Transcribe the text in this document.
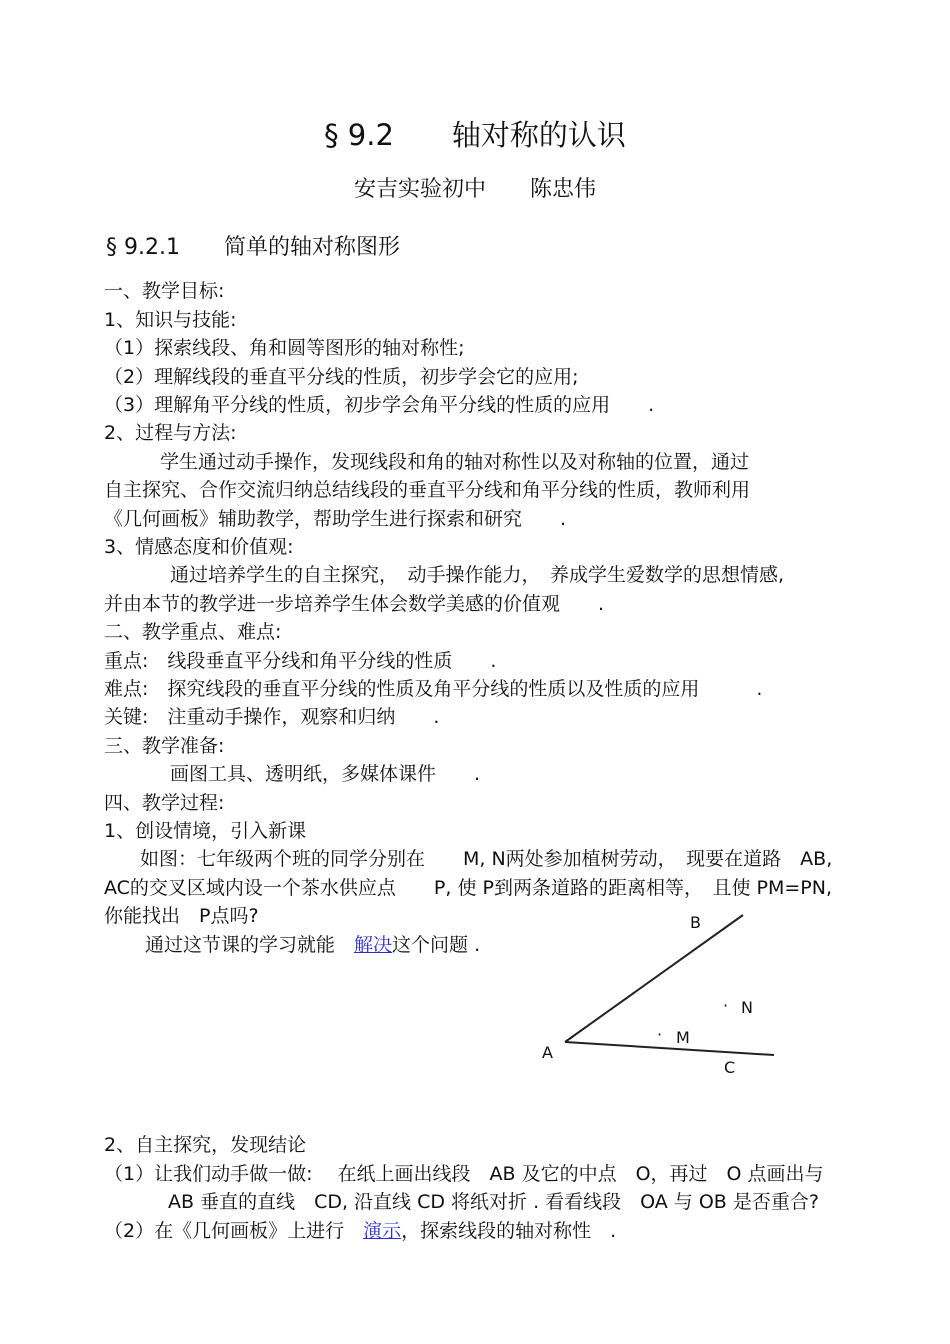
§ 9.2　　轴对称的认识
安吉实验初中　　陈忠伟
§ 9.2.1　　简单的轴对称图形
一、教学目标:
1、知识与技能:
（1）探索线段、角和圆等图形的轴对称性;
（2）理解线段的垂直平分线的性质，初步学会它的应用;
（3）理解角平分线的性质，初步学会角平分线的性质的应用　　.
2、过程与方法:
学生通过动手操作，发现线段和角的轴对称性以及对称轴的位置，通过
自主探究、合作交流归纳总结线段的垂直平分线和角平分线的性质，教师利用
《几何画板》辅助教学，帮助学生进行探索和研究　　.
3、情感态度和价值观:
通过培养学生的自主探究，　动手操作能力，　养成学生爱数学的思想情感,
并由本节的教学进一步培养学生体会数学美感的价值观　　.
二、教学重点、难点:
重点:　线段垂直平分线和角平分线的性质　　.
难点:　探究线段的垂直平分线的性质及角平分线的性质以及性质的应用　　　.
关键:　注重动手操作，观察和归纳　　.
三、教学准备:
画图工具、透明纸，多媒体课件　　.
四、教学过程:
1、创设情境，引入新课
如图：七年级两个班的同学分别在　　M, N两处参加植树劳动，　现要在道路　AB,
AC的交叉区域内设一个茶水供应点　　P, 使 P到两条道路的距离相等，　且使 PM=PN,
你能找出　P点吗?
通过这节课的学习就能　解决这个问题 .
B
· N
· M
A
C
2、自主探究，发现结论
（1）让我们动手做一做:　 在纸上画出线段　AB 及它的中点　O，再过　O 点画出与
AB 垂直的直线　CD, 沿直线 CD 将纸对折 . 看看线段　OA 与 OB 是否重合?
（2）在《几何画板》上进行　演示，探索线段的轴对称性　.
